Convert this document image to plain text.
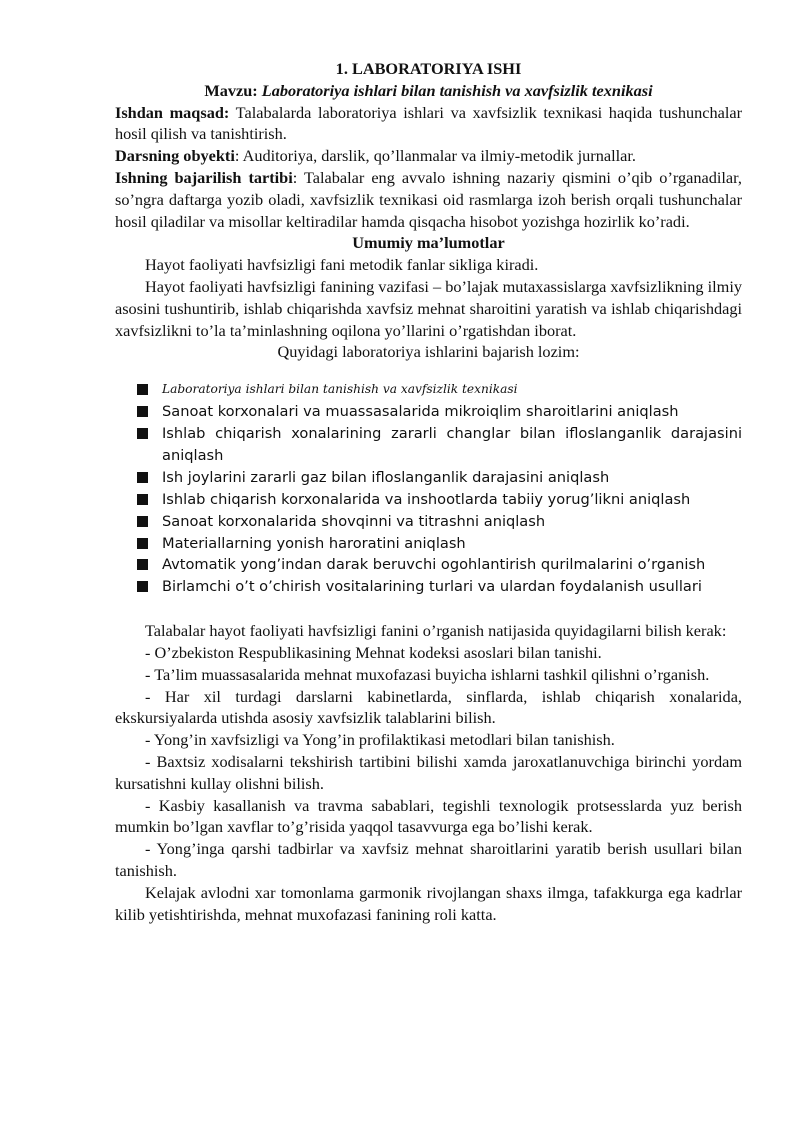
1. LABORATORIYA ISHI

Mavzu: Laboratoriya ishlari bilan tanishish va xavfsizlik texnikasi

Ishdan maqsad: Talabalarda laboratoriya ishlari va xavfsizlik texnikasi haqida tushunchalar hosil qilish va tanishtirish.

Darsning obyekti: Auditoriya, darslik, qo’llanmalar va ilmiy-metodik jurnallar.

Ishning bajarilish tartibi: Talabalar eng avvalo ishning nazariy qismini o’qib o’rganadilar, so’ngra daftarga yozib oladi, xavfsizlik texnikasi oid rasmlarga izoh berish orqali tushunchalar hosil qiladilar va misollar keltiradilar hamda qisqacha hisobot yozishga hozirlik ko’radi.

Umumiy ma’lumotlar

Hayot faoliyati havfsizligi fani metodik fanlar sikliga kiradi.

Hayot faoliyati havfsizligi fanining vazifasi – bo’lajak mutaxassislarga xavfsizlikning ilmiy asosini tushuntirib, ishlab chiqarishda xavfsiz mehnat sharoitini yaratish va ishlab chiqarishdagi xavfsizlikni to’la ta’minlashning oqilona yo’llarini o’rgatishdan iborat.

Quyidagi laboratoriya ishlarini bajarish lozim:

Laboratoriya ishlari bilan tanishish va xavfsizlik texnikasi
Sanoat korxonalari va muassasalarida mikroiqlim sharoitlarini aniqlash
Ishlab chiqarish xonalarining zararli changlar bilan ifloslanganlik darajasini aniqlash
Ish joylarini zararli gaz bilan ifloslanganlik darajasini aniqlash
Ishlab chiqarish korxonalarida va inshootlarda tabiiy yorug’likni aniqlash
Sanoat korxonalarida shovqinni va titrashni aniqlash
Materiallarning yonish haroratini aniqlash
Avtomatik yong’indan darak beruvchi ogohlantirish qurilmalarini o’rganish
Birlamchi o’t o’chirish vositalarining turlari va ulardan foydalanish usullari

Talabalar hayot faoliyati havfsizligi fanini o’rganish natijasida quyidagilarni bilish kerak:

- O’zbekiston Respublikasining Mehnat kodeksi asoslari bilan tanishi.

- Ta’lim muassasalarida mehnat muxofazasi buyicha ishlarni tashkil qilishni o’rganish.

- Har xil turdagi darslarni kabinetlarda, sinflarda, ishlab chiqarish xonalarida, ekskursiyalarda utishda asosiy xavfsizlik talablarini bilish.

- Yong’in xavfsizligi va Yong’in profilaktikasi metodlari bilan tanishish.

- Baxtsiz xodisalarni tekshirish tartibini bilishi xamda jaroxatlanuvchiga birinchi yordam kursatishni kullay olishni bilish.

- Kasbiy kasallanish va travma sabablari, tegishli texnologik protsesslarda yuz berish mumkin bo’lgan xavflar to’g’risida yaqqol tasavvurga ega bo’lishi kerak.

- Yong’inga qarshi tadbirlar va xavfsiz mehnat sharoitlarini yaratib berish usullari bilan tanishish.

Kelajak avlodni xar tomonlama garmonik rivojlangan shaxs ilmga, tafakkurga ega kadrlar kilib yetishtirishda, mehnat muxofazasi fanining roli katta.
